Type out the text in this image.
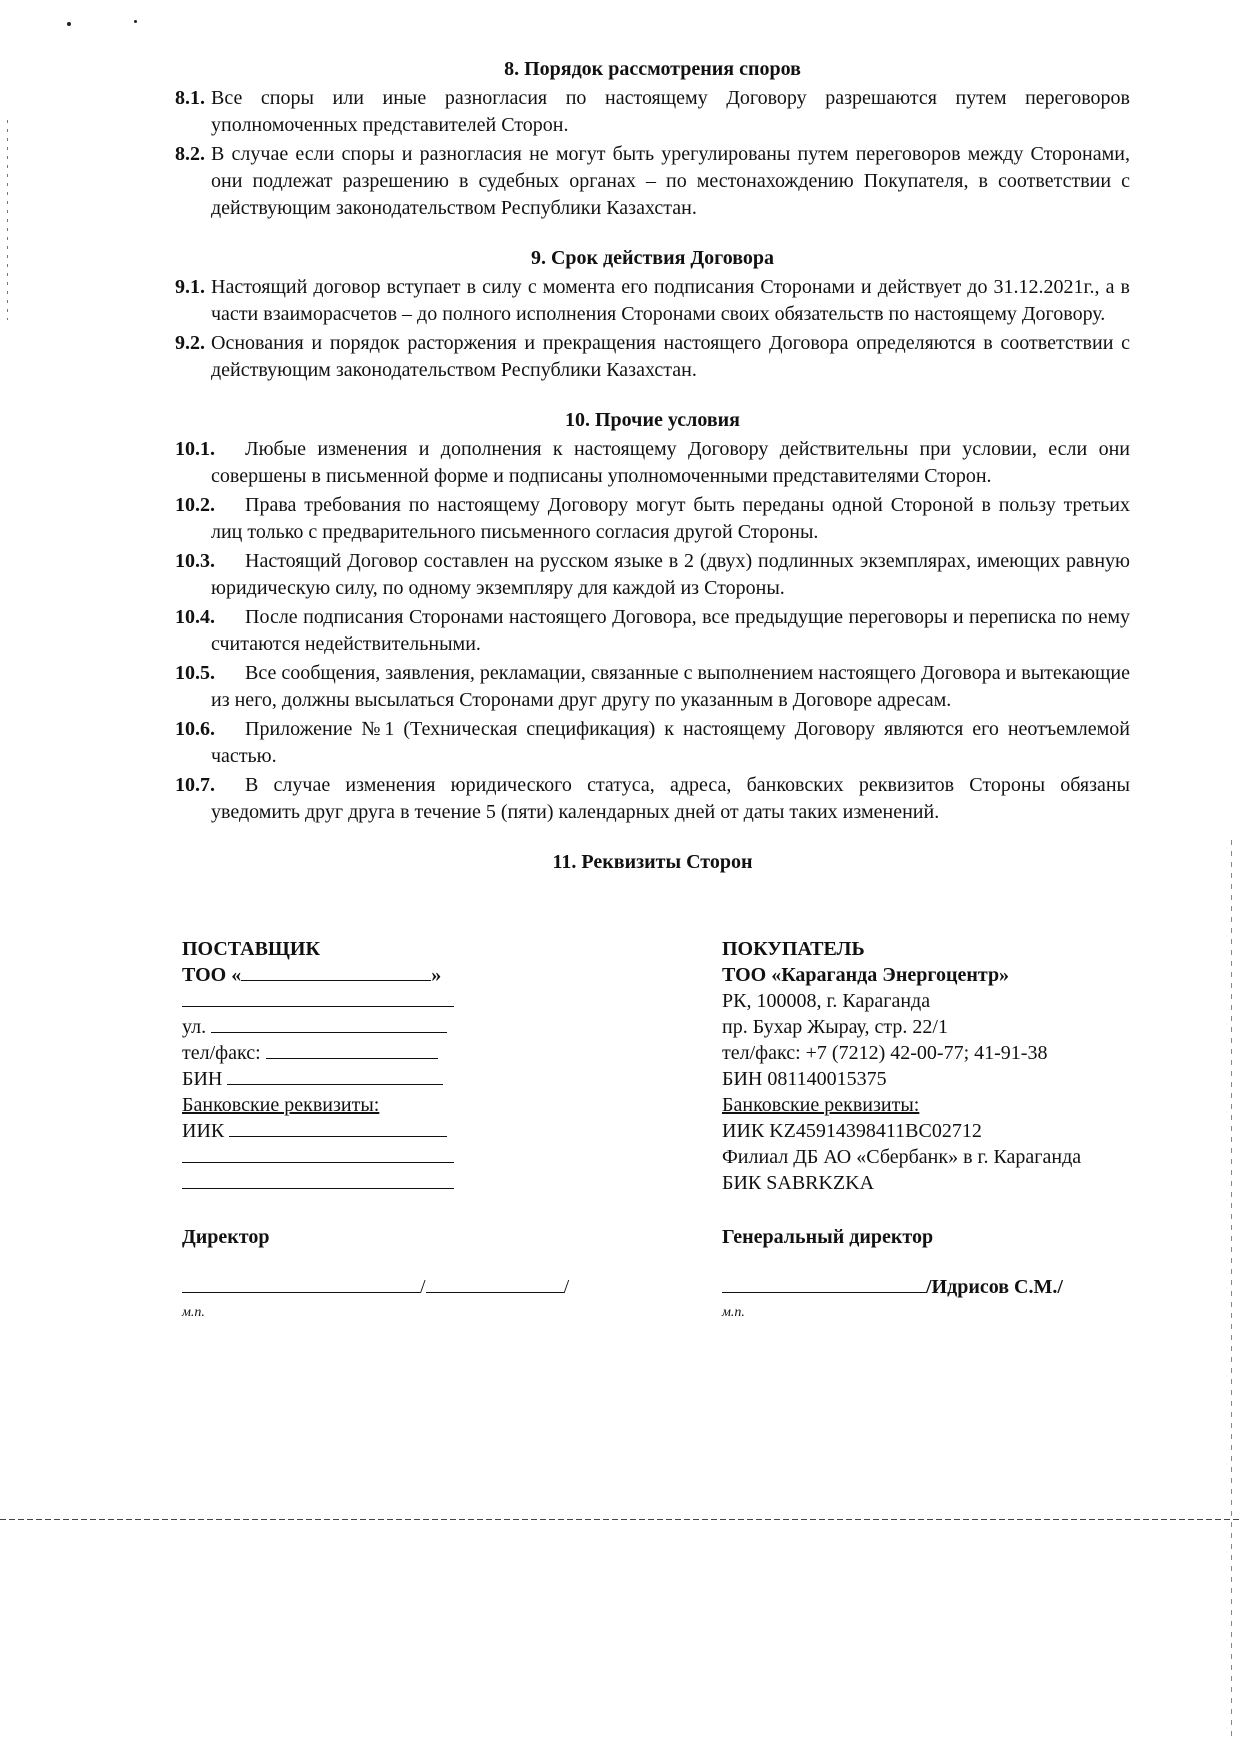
8. Порядок рассмотрения споров
8.1. Все споры или иные разногласия по настоящему Договору разрешаются путем переговоров уполномоченных представителей Сторон.
8.2. В случае если споры и разногласия не могут быть урегулированы путем переговоров между Сторонами, они подлежат разрешению в судебных органах – по местонахождению Покупателя, в соответствии с действующим законодательством Республики Казахстан.
9. Срок действия Договора
9.1. Настоящий договор вступает в силу с момента его подписания Сторонами и действует до 31.12.2021г., а в части взаиморасчетов – до полного исполнения Сторонами своих обязательств по настоящему Договору.
9.2. Основания и порядок расторжения и прекращения настоящего Договора определяются в соответствии с действующим законодательством Республики Казахстан.
10. Прочие условия
10.1.	Любые изменения и дополнения к настоящему Договору действительны при условии, если они совершены в письменной форме и подписаны уполномоченными представителями Сторон.
10.2.	Права требования по настоящему Договору могут быть переданы одной Стороной в пользу третьих лиц только с предварительного письменного согласия другой Стороны.
10.3.	Настоящий Договор составлен на русском языке в 2 (двух) подлинных экземплярах, имеющих равную юридическую силу, по одному экземпляру для каждой из Стороны.
10.4.	После подписания Сторонами настоящего Договора, все предыдущие переговоры и переписка по нему считаются недействительными.
10.5.	Все сообщения, заявления, рекламации, связанные с выполнением настоящего Договора и вытекающие из него, должны высылаться Сторонами друг другу по указанным в Договоре адресам.
10.6.	Приложение №1 (Техническая спецификация) к настоящему Договору являются его неотъемлемой частью.
10.7.	В случае изменения юридического статуса, адреса, банковских реквизитов Стороны обязаны уведомить друг друга в течение 5 (пяти) календарных дней от даты таких изменений.
11. Реквизиты Сторон
ПОСТАВЩИК
ТОО «	»
ул.
тел/факс:
БИН
Банковские реквизиты:
ИИК
Директор
/	/
м.п.
ПОКУПАТЕЛЬ
ТОО «Караганда Энергоцентр»
РК, 100008, г. Караганда
пр. Бухар Жырау, стр. 22/1
тел/факс: +7 (7212) 42-00-77; 41-91-38
БИН 081140015375
Банковские реквизиты:
ИИК KZ45914398411BC02712
Филиал ДБ АО «Сбербанк» в г. Караганда
БИК SABRKZKA
Генеральный директор
/Идрисов С.М./
м.п.
